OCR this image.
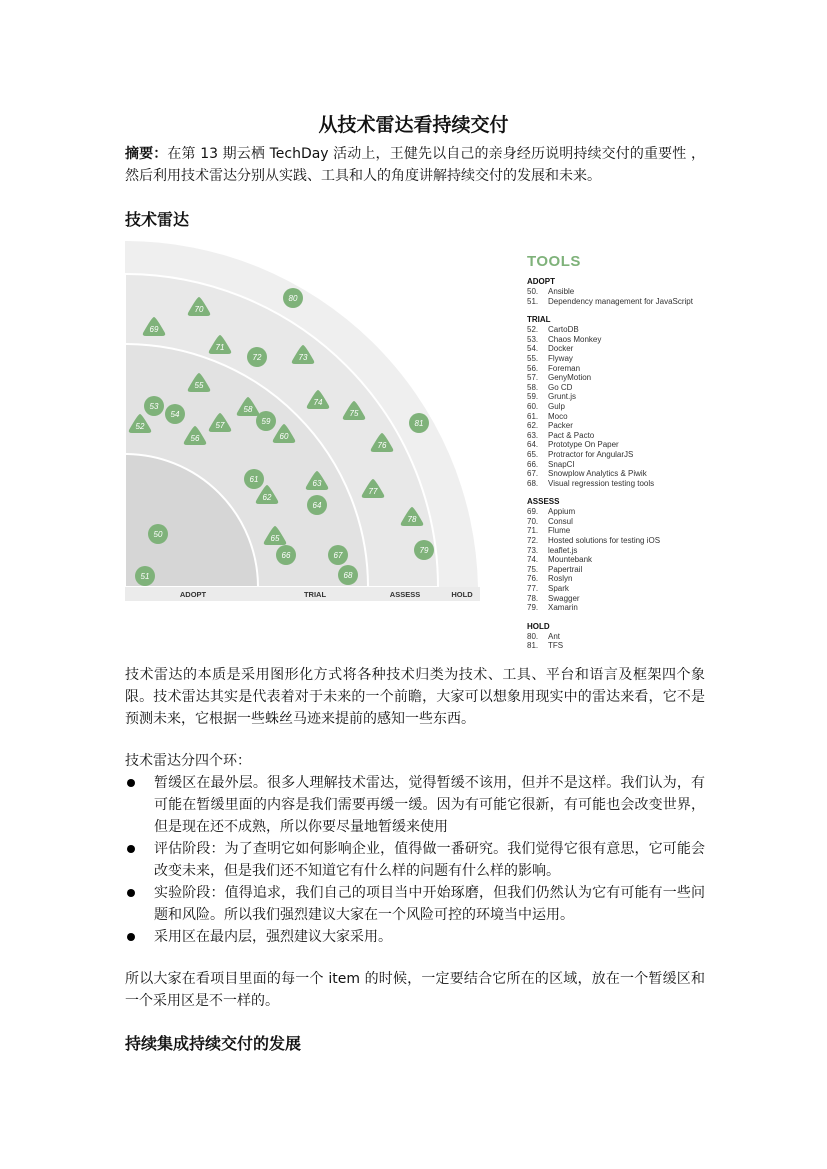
从技术雷达看持续交付
摘要：在第 13 期云栖 TechDay 活动上，王健先以自己的亲身经历说明持续交付的重要性 ，然后利用技术雷达分别从实践、工具和人的角度讲解持续交付的发展和未来。
技术雷达
80
70
69
71
72	73
55
53
54
52
58
59
57
56	60
74
75
81
76
61
62
63
77
64
78
50	65
66	67
79
51	68
ADOPT	TRIAL	ASSESS	HOLD
TOOLS
ADOPT
50. Ansible
51. Dependency management for JavaScript
TRIAL
52. CartoDB
53. Chaos Monkey
54. Docker
55. Flyway
56. Foreman
57. GenyMotion
58. Go CD
59. Grunt.js
60. Gulp
61. Moco
62. Packer
63. Pact & Pacto
64. Prototype On Paper
65. Protractor for AngularJS
66. SnapCI
67. Snowplow Analytics & Piwik
68. Visual regression testing tools
ASSESS
69. Appium
70. Consul
71. Flume
72. Hosted solutions for testing iOS
73. leaflet.js
74. Mountebank
75. Papertrail
76. Roslyn
77. Spark
78. Swagger
79. Xamarin
HOLD
80. Ant
81. TFS
技术雷达的本质是采用图形化方式将各种技术归类为技术、工具、平台和语言及框架四个象限。技术雷达其实是代表着对于未来的一个前瞻，大家可以想象用现实中的雷达来看，它不是预测未来，它根据一些蛛丝马迹来提前的感知一些东西。
技术雷达分四个环：
暂缓区在最外层。很多人理解技术雷达，觉得暂缓不该用，但并不是这样。我们认为，有可能在暂缓里面的内容是我们需要再缓一缓。因为有可能它很新，有可能也会改变世界，但是现在还不成熟，所以你要尽量地暂缓来使用
评估阶段：为了查明它如何影响企业，值得做一番研究。我们觉得它很有意思，它可能会改变未来，但是我们还不知道它有什么样的问题有什么样的影响。
实验阶段：值得追求，我们自己的项目当中开始琢磨，但我们仍然认为它有可能有一些问题和风险。所以我们强烈建议大家在一个风险可控的环境当中运用。
采用区在最内层，强烈建议大家采用。
所以大家在看项目里面的每一个 item 的时候，一定要结合它所在的区域，放在一个暂缓区和一个采用区是不一样的。
持续集成持续交付的发展
